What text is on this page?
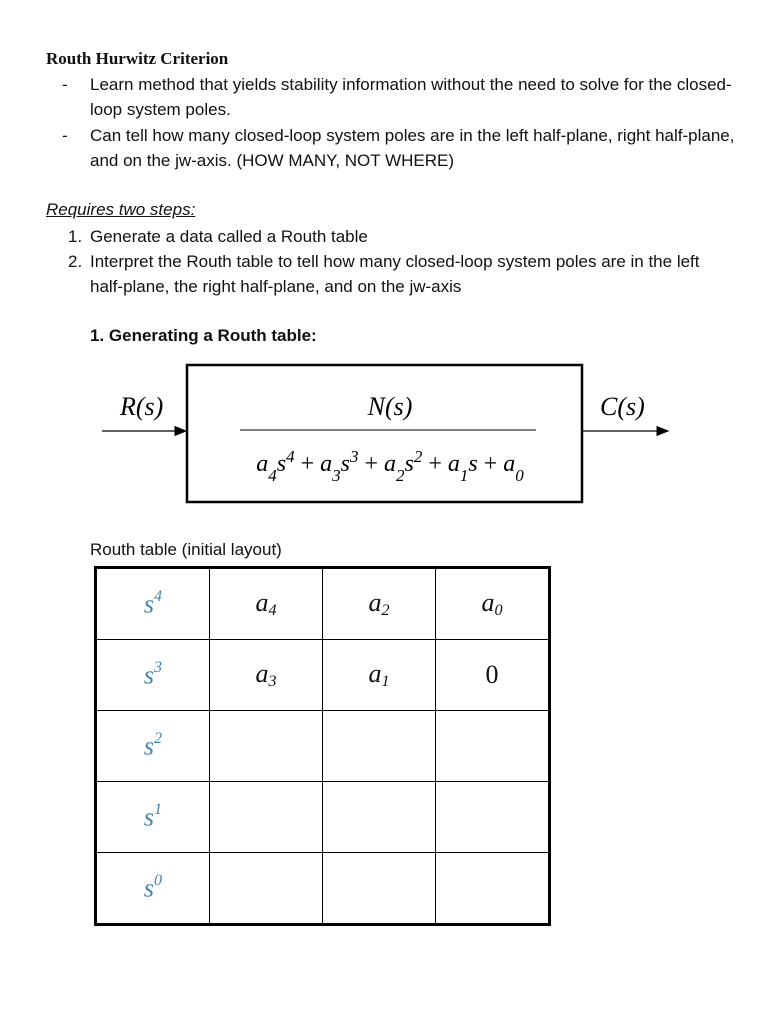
Routh Hurwitz Criterion
- Learn method that yields stability information without the need to solve for the closed-loop system poles.
- Can tell how many closed-loop system poles are in the left half-plane, right half-plane, and on the jw-axis. (HOW MANY, NOT WHERE)
Requires two steps:
1. Generate a data called a Routh table
2. Interpret the Routh table to tell how many closed-loop system poles are in the left half-plane, the right half-plane, and on the jw-axis
1. Generating a Routh table:
R(s)	N(s)
$a_4s^4 + a_3s^3 + a_2s^2 + a_1s + a_0$
C(s)
Routh table (initial layout)
$s^4$	$a_4$	$a_2$	$a_0$
$s^3$	$a_3$	$a_1$	0
$s^2$			
$s^1$			
$s^0$			
